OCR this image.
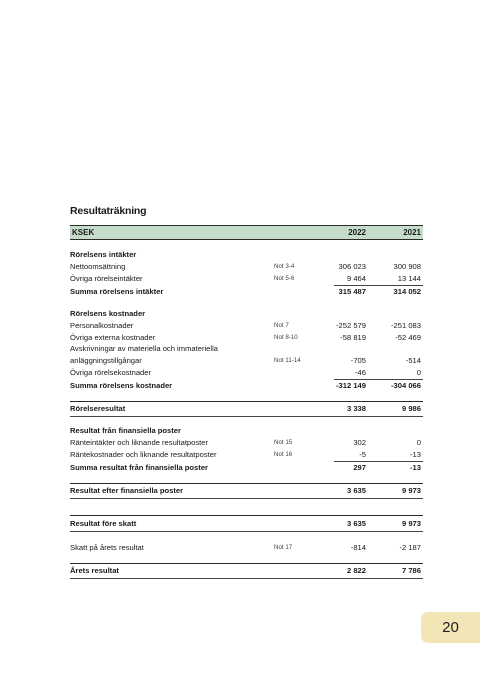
Resultaträkning
KSEK	2022	2021
Rörelsens intäkter
Nettoomsättning	Not 3-4	306 023	300 908
Övriga rörelseintäkter	Not 5-6	9 464	13 144
Summa rörelsens intäkter	315 487	314 052
Rörelsens kostnader
Personalkostnader	Not 7	-252 579	-251 083
Övriga externa kostnader	Not 8-10	-58 819	-52 469
Avskrivningar av materiella och immateriella
anläggningstillgångar	Not 11-14	-705	-514
Övriga rörelsekostnader	-46	0
Summa rörelsens kostnader	-312 149	-304 066
Rörelseresultat	3 338	9 986
Resultat från finansiella poster
Ränteintäkter och liknande resultatposter	Not 15	302	0
Räntekostnader och liknande resultatposter	Not 16	-5	-13
Summa resultat från finansiella poster	297	-13
Resultat efter finansiella poster	3 635	9 973
Resultat före skatt	3 635	9 973
Skatt på årets resultat	Not 17	-814	-2 187
Årets resultat	2 822	7 786
20
